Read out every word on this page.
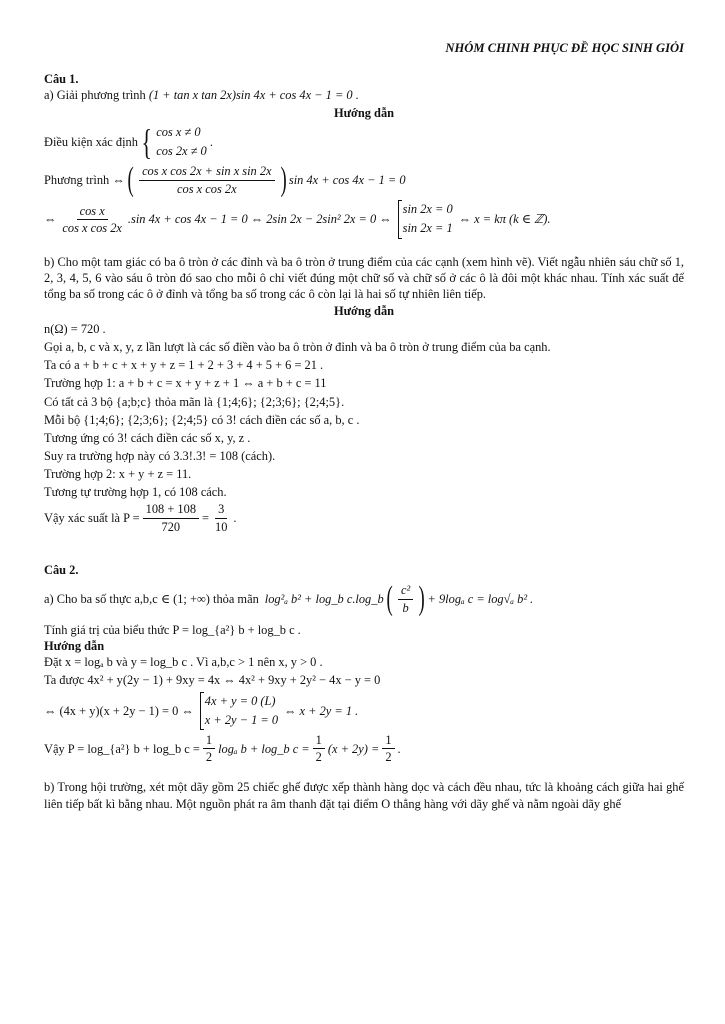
NHÓM CHINH PHỤC ĐỀ HỌC SINH GIỎI
Câu 1.
a) Giải phương trình (1 + tan x tan 2x)sin 4x + cos 4x − 1 = 0 .
Hướng dẫn
Điều kiện xác định { cos x ≠ 0
cos 2x ≠ 0
.
Phương trình ⇔ ( $\frac{\text{cos x cos 2x + sin x sin 2x}}{\text{cos x cos 2x}}$ ) sin 4x + cos 4x − 1 = 0
⇔ $\frac{\text{cos x}}{\text{cos x cos 2x}} .\sin$ 4x + cos 4x − 1 = 0 ⇔ 2sin 2x − 2sin² 2x = 0 ⇔
sin 2x = 0
sin 2x = 1
⇔ x = kπ (k ∈ ℤ).
b) Cho một tam giác có ba ô tròn ở các đỉnh và ba ô tròn ở trung điểm của các cạnh (xem hình vẽ). Viết ngẫu nhiên sáu chữ số 1, 2, 3, 4, 5, 6 vào sáu ô tròn đó sao cho mỗi ô chỉ viết đúng một chữ số và chữ số ở các ô là đôi một khác nhau. Tính xác suất để tổng ba số trong các ô ở đỉnh và tổng ba số trong các ô còn lại là hai số tự nhiên liên tiếp.
Hướng dẫn
n(Ω) = 720 .
Gọi a, b, c và x, y, z lần lượt là các số điền vào ba ô tròn ở đỉnh và ba ô tròn ở trung điểm của ba cạnh.
Ta có a + b + c + x + y + z = 1 + 2 + 3 + 4 + 5 + 6 = 21 .
Trường hợp 1: a + b + c = x + y + z + 1 ⇔ a + b + c = 11
Có tất cả 3 bộ {a;b;c} thỏa mãn là {1;4;6}; {2;3;6}; {2;4;5}.
Mỗi bộ {1;4;6}; {2;3;6}; {2;4;5} có 3! cách điền các số a, b, c .
Tương ứng có 3! cách điền các số x, y, z .
Suy ra trường hợp này có 3.3!.3! = 108 (cách).
Trường hợp 2: x + y + z = 11.
Tương tự trường hợp 1, có 108 cách.
Vậy xác suất là $P = \frac{108 + 108}{720} = \frac{3}{10}$ .
Câu 2.
a) Cho ba số thực a,b,c ∈ (1; +∞) thỏa mãn log²ₐ b² + log_b c.log_b ( $\frac{\text{c²}}{b}$ ) + 9logₐ c = log√ₐ b² .
Tính giá trị của biểu thức P = log_{a²} b + log_b c .
Hướng dẫn
Đặt x = logₐ b và y = log_b c . Vì a,b,c > 1 nên x, y > 0 .
Ta được 4x² + y(2y − 1) + 9xy = 4x ⇔ 4x² + 9xy + 2y² − 4x − y = 0
⇔ (4x + y)(x + 2y − 1) = 0 ⇔
4x + y = 0 (L)
x + 2y − 1 = 0
⇔ x + 2y = 1 .
Vậy P = log_{a²} b + log_b $c = \frac{1}{2}$ logₐ b + log_b $c = \frac{1}{2} (x + 2y) = \frac{1}{2}$ .
b) Trong hội trường, xét một dãy gồm 25 chiếc ghế được xếp thành hàng dọc và cách đều nhau, tức là khoảng cách giữa hai ghế liên tiếp bất kì bằng nhau. Một nguồn phát ra âm thanh đặt tại điểm O thẳng hàng với dãy ghế và nằm ngoài dãy ghế
